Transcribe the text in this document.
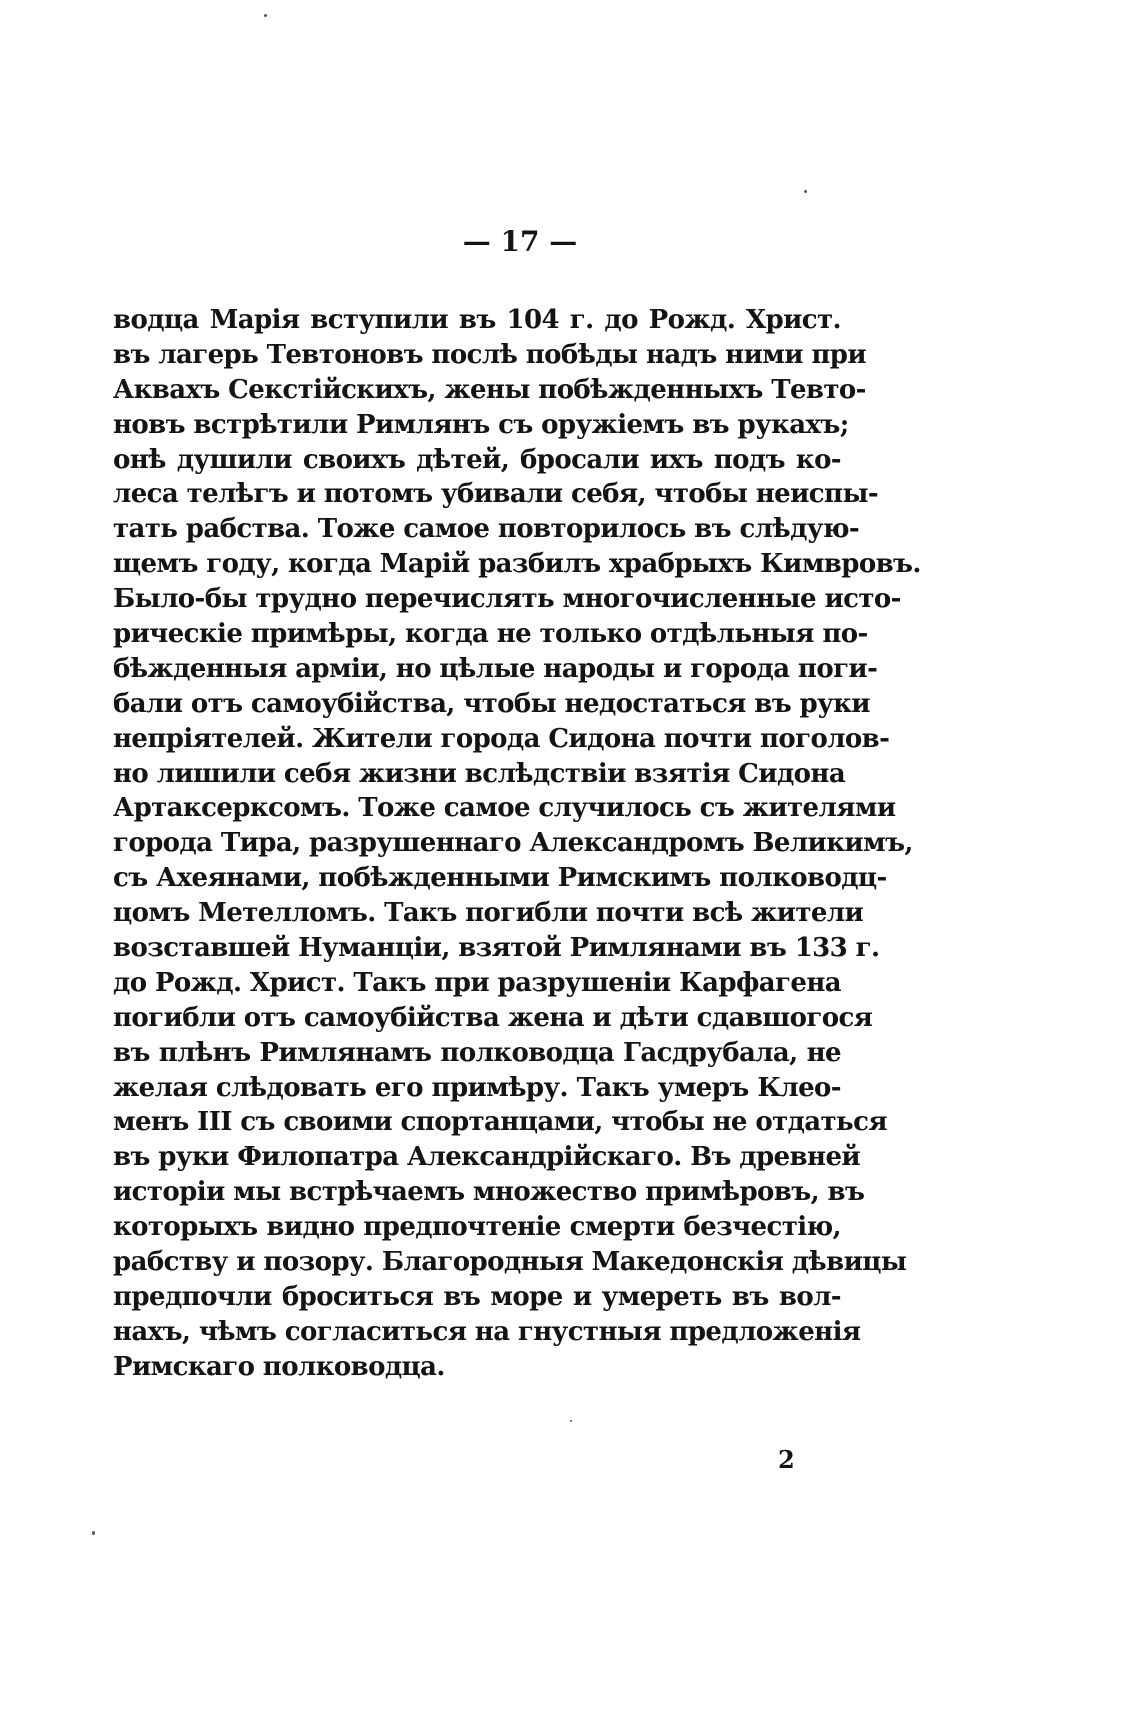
— 17 —
водца Марія вступили въ 104 г. до Рожд. Христ.
въ лагерь Тевтоновъ послѣ побѣды надъ ними при
Аквахъ Секстійскихъ, жены побѣжденныхъ Тевто-
новъ встрѣтили Римлянъ съ оружіемъ въ рукахъ;
онѣ душили своихъ дѣтей, бросали ихъ подъ ко-
леса телѣгъ и потомъ убивали себя, чтобы неиспы-
тать рабства. Тоже самое повторилось въ слѣдую-
щемъ году, когда Марій разбилъ храбрыхъ Кимвровъ.
Было-бы трудно перечислять многочисленные исто-
рическіе примѣры, когда не только отдѣльныя по-
бѣжденныя арміи, но цѣлые народы и города поги-
бали отъ самоубійства, чтобы недостаться въ руки
непріятелей. Жители города Сидона почти поголов-
но лишили себя жизни вслѣдствіи взятія Сидона
Артаксерксомъ. Тоже самое случилось съ жителями
города Тира, разрушеннаго Александромъ Великимъ,
съ Ахеянами, побѣжденными Римскимъ полководц-
цомъ Метелломъ. Такъ погибли почти всѣ жители
возставшей Нуманціи, взятой Римлянами въ 133 г.
до Рожд. Христ. Такъ при разрушеніи Карфагена
погибли отъ самоубійства жена и дѣти сдавшогося
въ плѣнъ Римлянамъ полководца Гасдрубала, не
желая слѣдовать его примѣру. Такъ умеръ Клео-
менъ III съ своими спортанцами, чтобы не отдаться
въ руки Филопатра Александрійскаго. Въ древней
исторіи мы встрѣчаемъ множество примѣровъ, въ
которыхъ видно предпочтеніе смерти безчестію,
рабству и позору. Благородныя Македонскія дѣвицы
предпочли броситься въ море и умереть въ вол-
нахъ, чѣмъ согласиться на гнустныя предложенія
Римскаго полководца.
2
